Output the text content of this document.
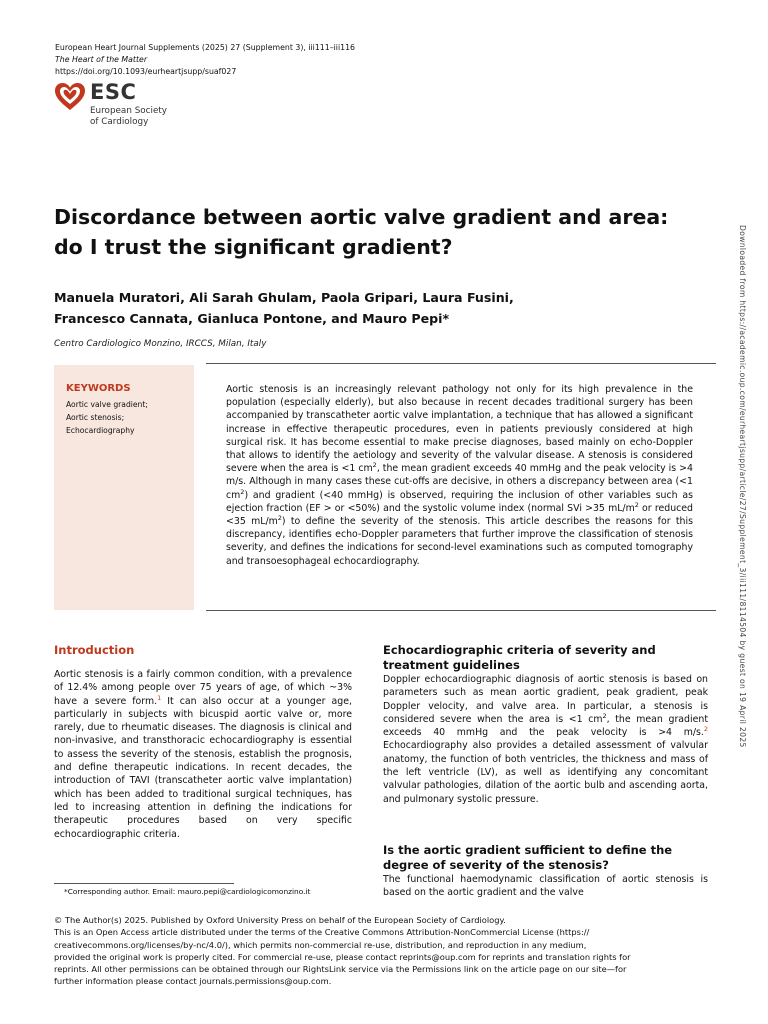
European Heart Journal Supplements (2025) 27 (Supplement 3), iii111–iii116
The Heart of the Matter
https://doi.org/10.1093/eurheartjsupp/suaf027
ESC
European Society
of Cardiology
Downloaded from https://academic.oup.com/eurheartjsupp/article/27/Supplement_3/iii111/8114504 by guest on 19 April 2025
Discordance between aortic valve gradient and area:
do I trust the significant gradient?
Manuela Muratori, Ali Sarah Ghulam, Paola Gripari, Laura Fusini,
Francesco Cannata, Gianluca Pontone, and Mauro Pepi*
Centro Cardiologico Monzino, IRCCS, Milan, Italy
KEYWORDS
Aortic valve gradient;
Aortic stenosis;
Echocardiography
Aortic stenosis is an increasingly relevant pathology not only for its high prevalence in the population (especially elderly), but also because in recent decades traditional surgery has been accompanied by transcatheter aortic valve implantation, a technique that has allowed a significant increase in effective therapeutic procedures, even in patients previously considered at high surgical risk. It has become essential to make precise diagnoses, based mainly on echo-Doppler that allows to identify the aetiology and severity of the valvular disease. A stenosis is considered severe when the area is <1 $cm^2$, the mean gradient exceeds 40 mmHg and the peak velocity is >4 m/s. Although in many cases these cut-offs are decisive, in others a discrepancy between area (<1 $cm^2$) and gradient (<40 mmHg) is observed, requiring the inclusion of other variables such as ejection fraction (EF > or <50%) and the systolic volume index (normal SVi >35 $mL/m^2$ or reduced <35 $mL/m^2$) to define the severity of the stenosis. This article describes the reasons for this discrepancy, identifies echo-Doppler parameters that further improve the classification of stenosis severity, and defines the indications for second-level examinations such as computed tomography and transoesophageal echocardiography.
Introduction
Aortic stenosis is a fairly common condition, with a prevalence of 12.4% among people over 75 years of age, of which ~3% have a severe form.$^1$ It can also occur at a younger age, particularly in subjects with bicuspid aortic valve or, more rarely, due to rheumatic diseases. The diagnosis is clinical and non-invasive, and transthoracic echocardiography is essential to assess the severity of the stenosis, establish the prognosis, and define therapeutic indications. In recent decades, the introduction of TAVI (transcatheter aortic valve implantation) which has been added to traditional surgical techniques, has led to increasing attention in defining the indications for therapeutic procedures based on very specific echocardiographic criteria.
*Corresponding author. Email: mauro.pepi@cardiologicomonzino.it
Echocardiographic criteria of severity and treatment guidelines
Doppler echocardiographic diagnosis of aortic stenosis is based on parameters such as mean aortic gradient, peak gradient, peak Doppler velocity, and valve area. In particular, a stenosis is considered severe when the area is <1 $cm^2$, the mean gradient exceeds 40 mmHg and the peak velocity is >4 m/s.$^2$ Echocardiography also provides a detailed assessment of valvular anatomy, the function of both ventricles, the thickness and mass of the left ventricle (LV), as well as identifying any concomitant valvular pathologies, dilation of the aortic bulb and ascending aorta, and pulmonary systolic pressure.
Is the aortic gradient sufficient to define the degree of severity of the stenosis?
The functional haemodynamic classification of aortic stenosis is based on the aortic gradient and the valve
© The Author(s) 2025. Published by Oxford University Press on behalf of the European Society of Cardiology.
This is an Open Access article distributed under the terms of the Creative Commons Attribution-NonCommercial License (https://
creativecommons.org/licenses/by-nc/4.0/), which permits non-commercial re-use, distribution, and reproduction in any medium,
provided the original work is properly cited. For commercial re-use, please contact reprints@oup.com for reprints and translation rights for
reprints. All other permissions can be obtained through our RightsLink service via the Permissions link on the article page on our site—for
further information please contact journals.permissions@oup.com.
